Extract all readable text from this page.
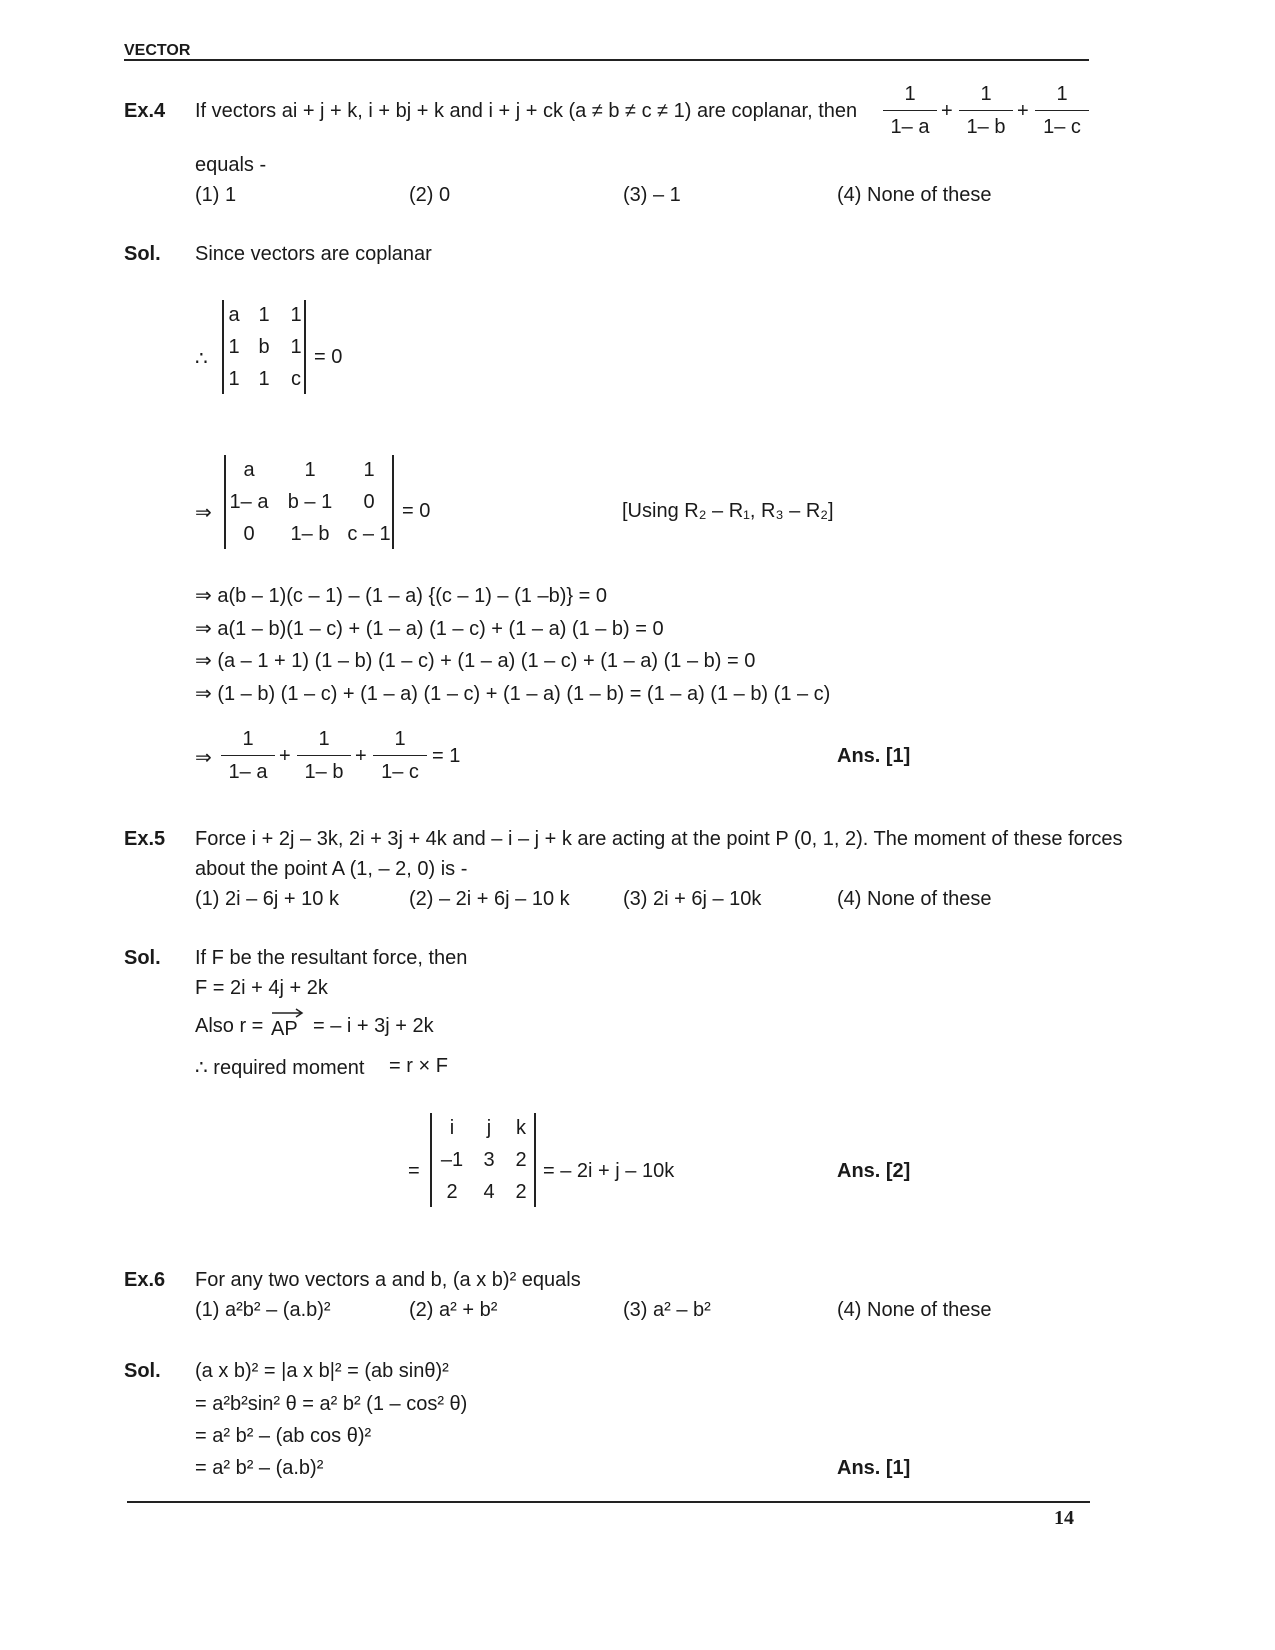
VECTOR
Ex.4 If vectors ai + j + k, i + bj + k and i + j + ck (a ≠ b ≠ c ≠ 1) are coplanar, then
1
1– a
+
1
1– b
+
1
1– c
equals -
(1) 1	(2) 0	(3) – 1	(4) None of these
Sol. Since vectors are coplanar
∴
a 1 1
1 b 1
1 1 c
= 0
⇒
a	1	1
1– a b – 1	0
0	1– b c – 1
= 0	[Using R₂ – R₁, R₃ – R₂]
⇒ a(b – 1)(c – 1) – (1 – a) {(c – 1) – (1 –b)} = 0
⇒ a(1 – b)(1 – c) + (1 – a) (1 – c) + (1 – a) (1 – b) = 0
⇒ (a – 1 + 1) (1 – b) (1 – c) + (1 – a) (1 – c) + (1 – a) (1 – b) = 0
⇒ (1 – b) (1 – c) + (1 – a) (1 – c) + (1 – a) (1 – b) = (1 – a) (1 – b) (1 – c)
⇒
1
1– a
+
1
1– b
+
1
1– c
= 1	Ans. [1]
Ex.5 Force i + 2j – 3k, 2i + 3j + 4k and – i – j + k are acting at the point P (0, 1, 2). The moment of these forces
about the point A (1, – 2, 0) is -
(1) 2i – 6j + 10 k	(2) – 2i + 6j – 10 k	(3) 2i + 6j – 10k	(4) None of these
Sol. If F be the resultant force, then
F = 2i + 4j + 2k
Also r = AP = – i + 3j + 2k
∴ required moment = r × F
=
i	j	k
–1	3	2
2	4	2
= – 2i + j – 10k	Ans. [2]
Ex.6 For any two vectors a and b, (a x b)² equals
(1) a²b² – (a.b)²	(2) a² + b²	(3) a² – b²	(4) None of these
Sol. (a x b)² = |a x b|² = (ab sinθ)²
= a²b²sin² θ = a² b² (1 – cos² θ)
= a² b² – (ab cos θ)²
= a² b² – (a.b)²	Ans. [1]
14
